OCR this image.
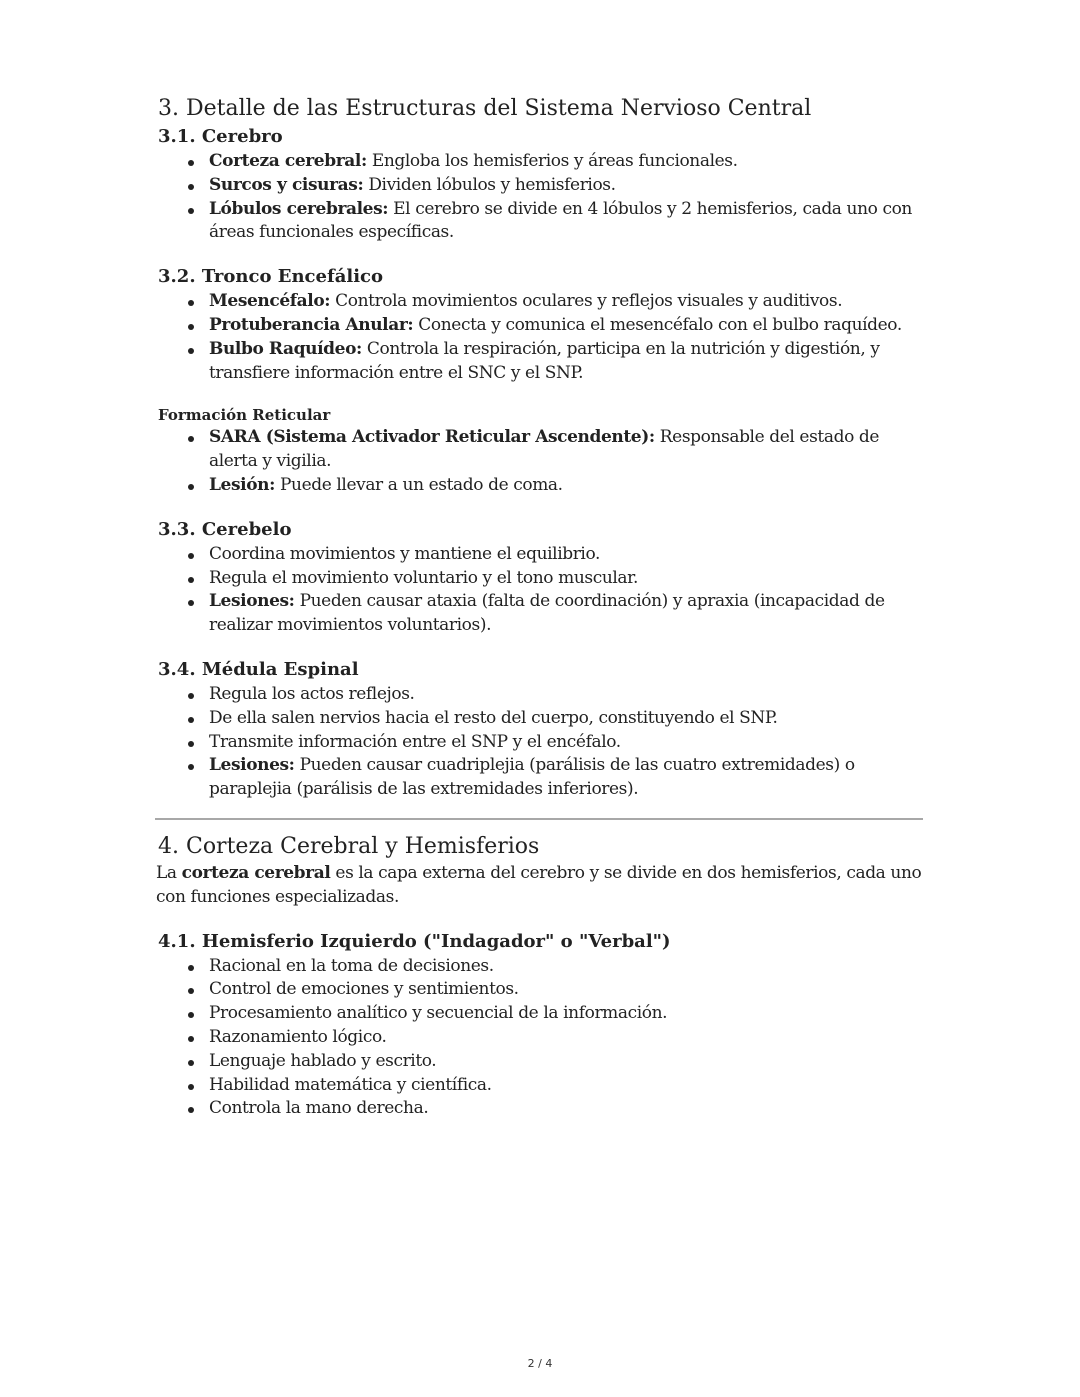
3. Detalle de las Estructuras del Sistema Nervioso Central
3.1. Cerebro
Corteza cerebral: Engloba los hemisferios y áreas funcionales.
Surcos y cisuras: Dividen lóbulos y hemisferios.
Lóbulos cerebrales: El cerebro se divide en 4 lóbulos y 2 hemisferios, cada uno con áreas funcionales específicas.
3.2. Tronco Encefálico
Mesencéfalo: Controla movimientos oculares y reflejos visuales y auditivos.
Protuberancia Anular: Conecta y comunica el mesencéfalo con el bulbo raquídeo.
Bulbo Raquídeo: Controla la respiración, participa en la nutrición y digestión, y transfiere información entre el SNC y el SNP.
Formación Reticular
SARA (Sistema Activador Reticular Ascendente): Responsable del estado de alerta y vigilia.
Lesión: Puede llevar a un estado de coma.
3.3. Cerebelo
Coordina movimientos y mantiene el equilibrio.
Regula el movimiento voluntario y el tono muscular.
Lesiones: Pueden causar ataxia (falta de coordinación) y apraxia (incapacidad de realizar movimientos voluntarios).
3.4. Médula Espinal
Regula los actos reflejos.
De ella salen nervios hacia el resto del cuerpo, constituyendo el SNP.
Transmite información entre el SNP y el encéfalo.
Lesiones: Pueden causar cuadriplejia (parálisis de las cuatro extremidades) o paraplejia (parálisis de las extremidades inferiores).
4. Corteza Cerebral y Hemisferios

La corteza cerebral es la capa externa del cerebro y se divide en dos hemisferios, cada uno con funciones especializadas.

4.1. Hemisferio Izquierdo ("Indagador" o "Verbal")
Racional en la toma de decisiones.
Control de emociones y sentimientos.
Procesamiento analítico y secuencial de la información.
Razonamiento lógico.
Lenguaje hablado y escrito.
Habilidad matemática y científica.
Controla la mano derecha.
2 / 4
